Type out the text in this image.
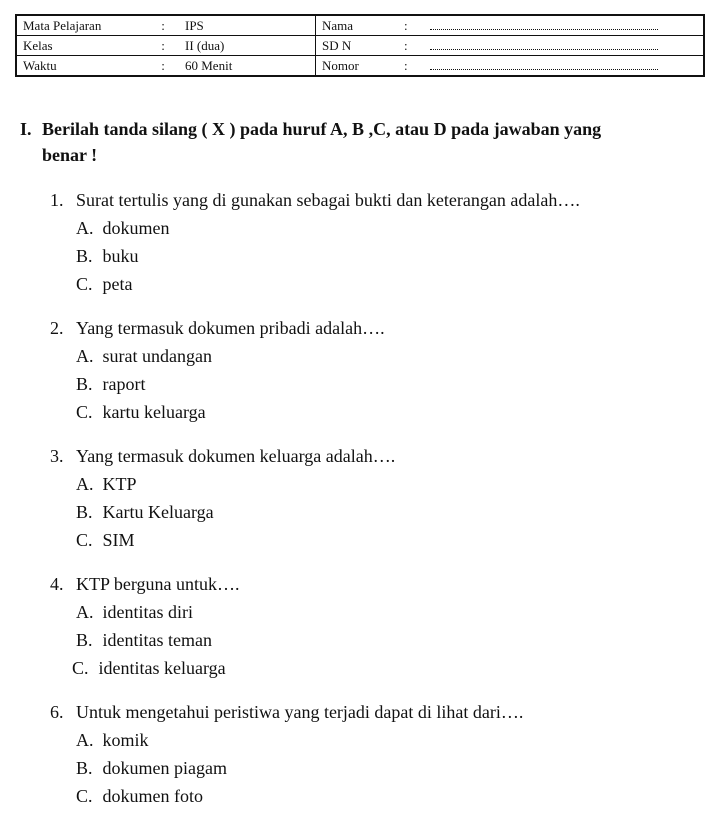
Mata Pelajaran : IPS	Nama :
Kelas : II (dua)	SD N :
Waktu : 60 Menit	Nomor :
I. Berilah tanda silang ( X ) pada huruf A, B ,C, atau D pada jawaban yang
benar !
1. Surat tertulis yang di gunakan sebagai bukti dan keterangan adalah….
A. dokumen
B. buku
C. peta
2. Yang termasuk dokumen pribadi adalah….
A. surat undangan
B. raport
C. kartu keluarga
3. Yang termasuk dokumen keluarga adalah….
A. KTP
B. Kartu Keluarga
C. SIM
4. KTP berguna untuk….
A. identitas diri
B. identitas teman
C. identitas keluarga
6. Untuk mengetahui peristiwa yang terjadi dapat di lihat dari….
A. komik
B. dokumen piagam
C. dokumen foto
